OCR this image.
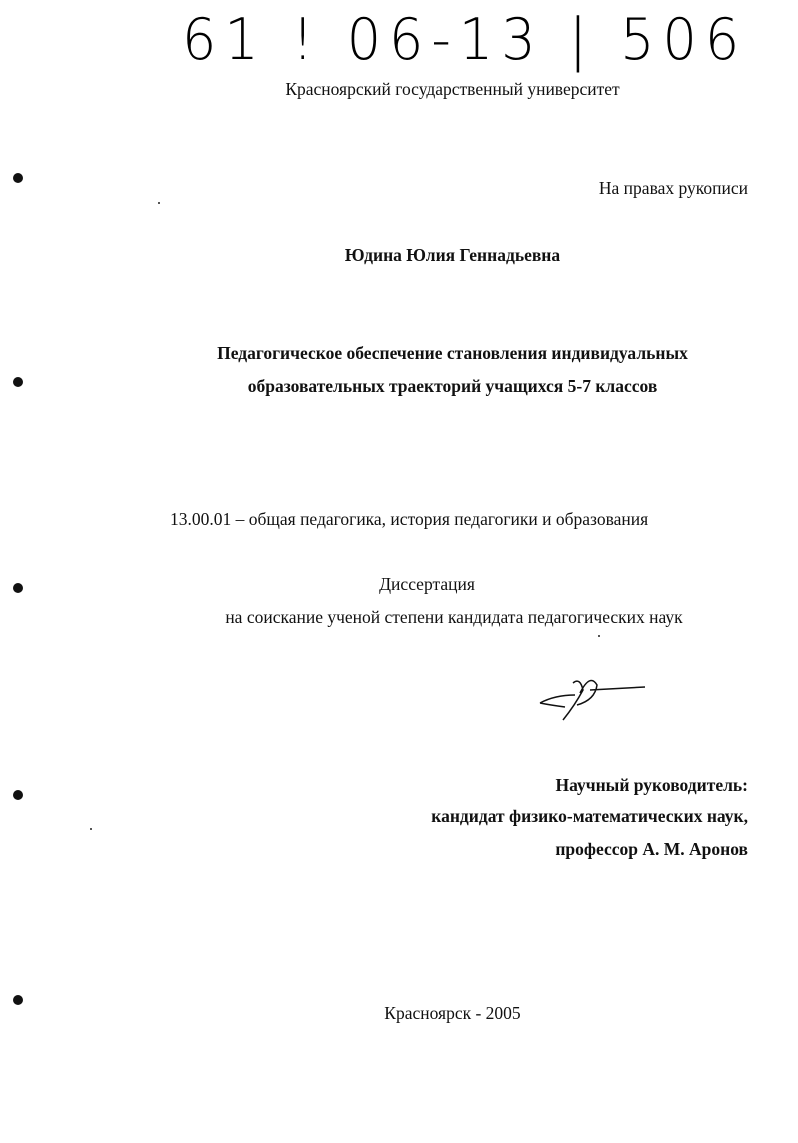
61 ! 06-13 | 506
Красноярский государственный университет
На правах рукописи
Юдина Юлия Геннадьевна
Педагогическое обеспечение становления индивидуальных
образовательных траекторий учащихся 5-7 классов
13.00.01 – общая педагогика, история педагогики и образования
Диссертация
на соискание ученой степени кандидата педагогических наук
Научный руководитель:
кандидат физико-математических наук,
профессор А. М. Аронов
Красноярск - 2005
